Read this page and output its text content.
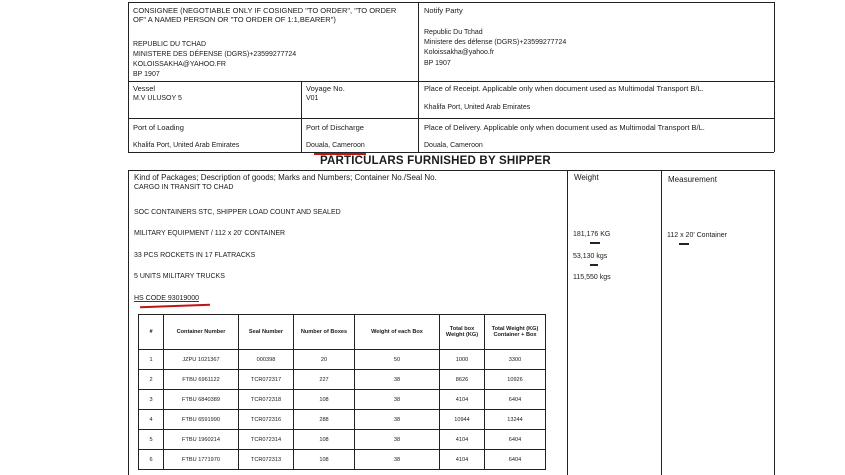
CONSIGNEE (NEGOTIABLE ONLY IF COSIGNED "TO ORDER", "TO ORDER
OF" A NAMED PERSON OR "TO ORDER OF 1:1,BEARER")
REPUBLIC DU TCHAD
MINISTERE DES DÉFENSE (DGRS)+23599277724
KOLOISSAKHA@YAHOO.FR
BP 1907
Notify Party
Republic Du Tchad
Ministere des défense (DGRS)+23599277724
Koloissakha@yahoo.fr
BP 1907
Vessel
M.V ULUSOY 5
Voyage No.
V01
Place of Receipt. Applicable only when document used as Multimodal Transport B/L.
Khalifa Port, United Arab Emirates
Port of Loading
Khalifa Port, United Arab Emirates
Port of Discharge
Douala, Cameroon
Place of Delivery. Applicable only when document used as Multimodal Transport B/L.
Douala, Cameroon
PARTICULARS FURNISHED BY SHIPPER
Kind of Packages; Description of goods; Marks and Numbers; Container No./Seal No.	Weight	Measurement
CARGO IN TRANSIT TO CHAD
SOC CONTAINERS STC, SHIPPER LOAD COUNT AND SEALED
MILITARY EQUIPMENT / 112 x 20' CONTAINER
33 PCS ROCKETS IN 17 FLATRACKS
5 UNITS MILITARY TRUCKS
HS CODE 93019000
181,176 KG
53,130 kgs
115,550 kgs
112 x 20' Container
#	Container Number	Seal Number	Number of Boxes	Weight of each Box	Total box Weight (KG)	Total Weight (KG) Container + Box
1	JZPU 1021367	000398	20	50	1000	3300
2	FTBU 6961122	TCR072317	227	38	8626	10926
3	FTBU 6840389	TCR072318	108	38	4104	6404
4	FTBU 6591990	TCR072316	288	38	10944	13244
5	FTBU 1960214	TCR072314	108	38	4104	6404
6	FTBU 1771970	TCR072313	108	38	4104	6404
